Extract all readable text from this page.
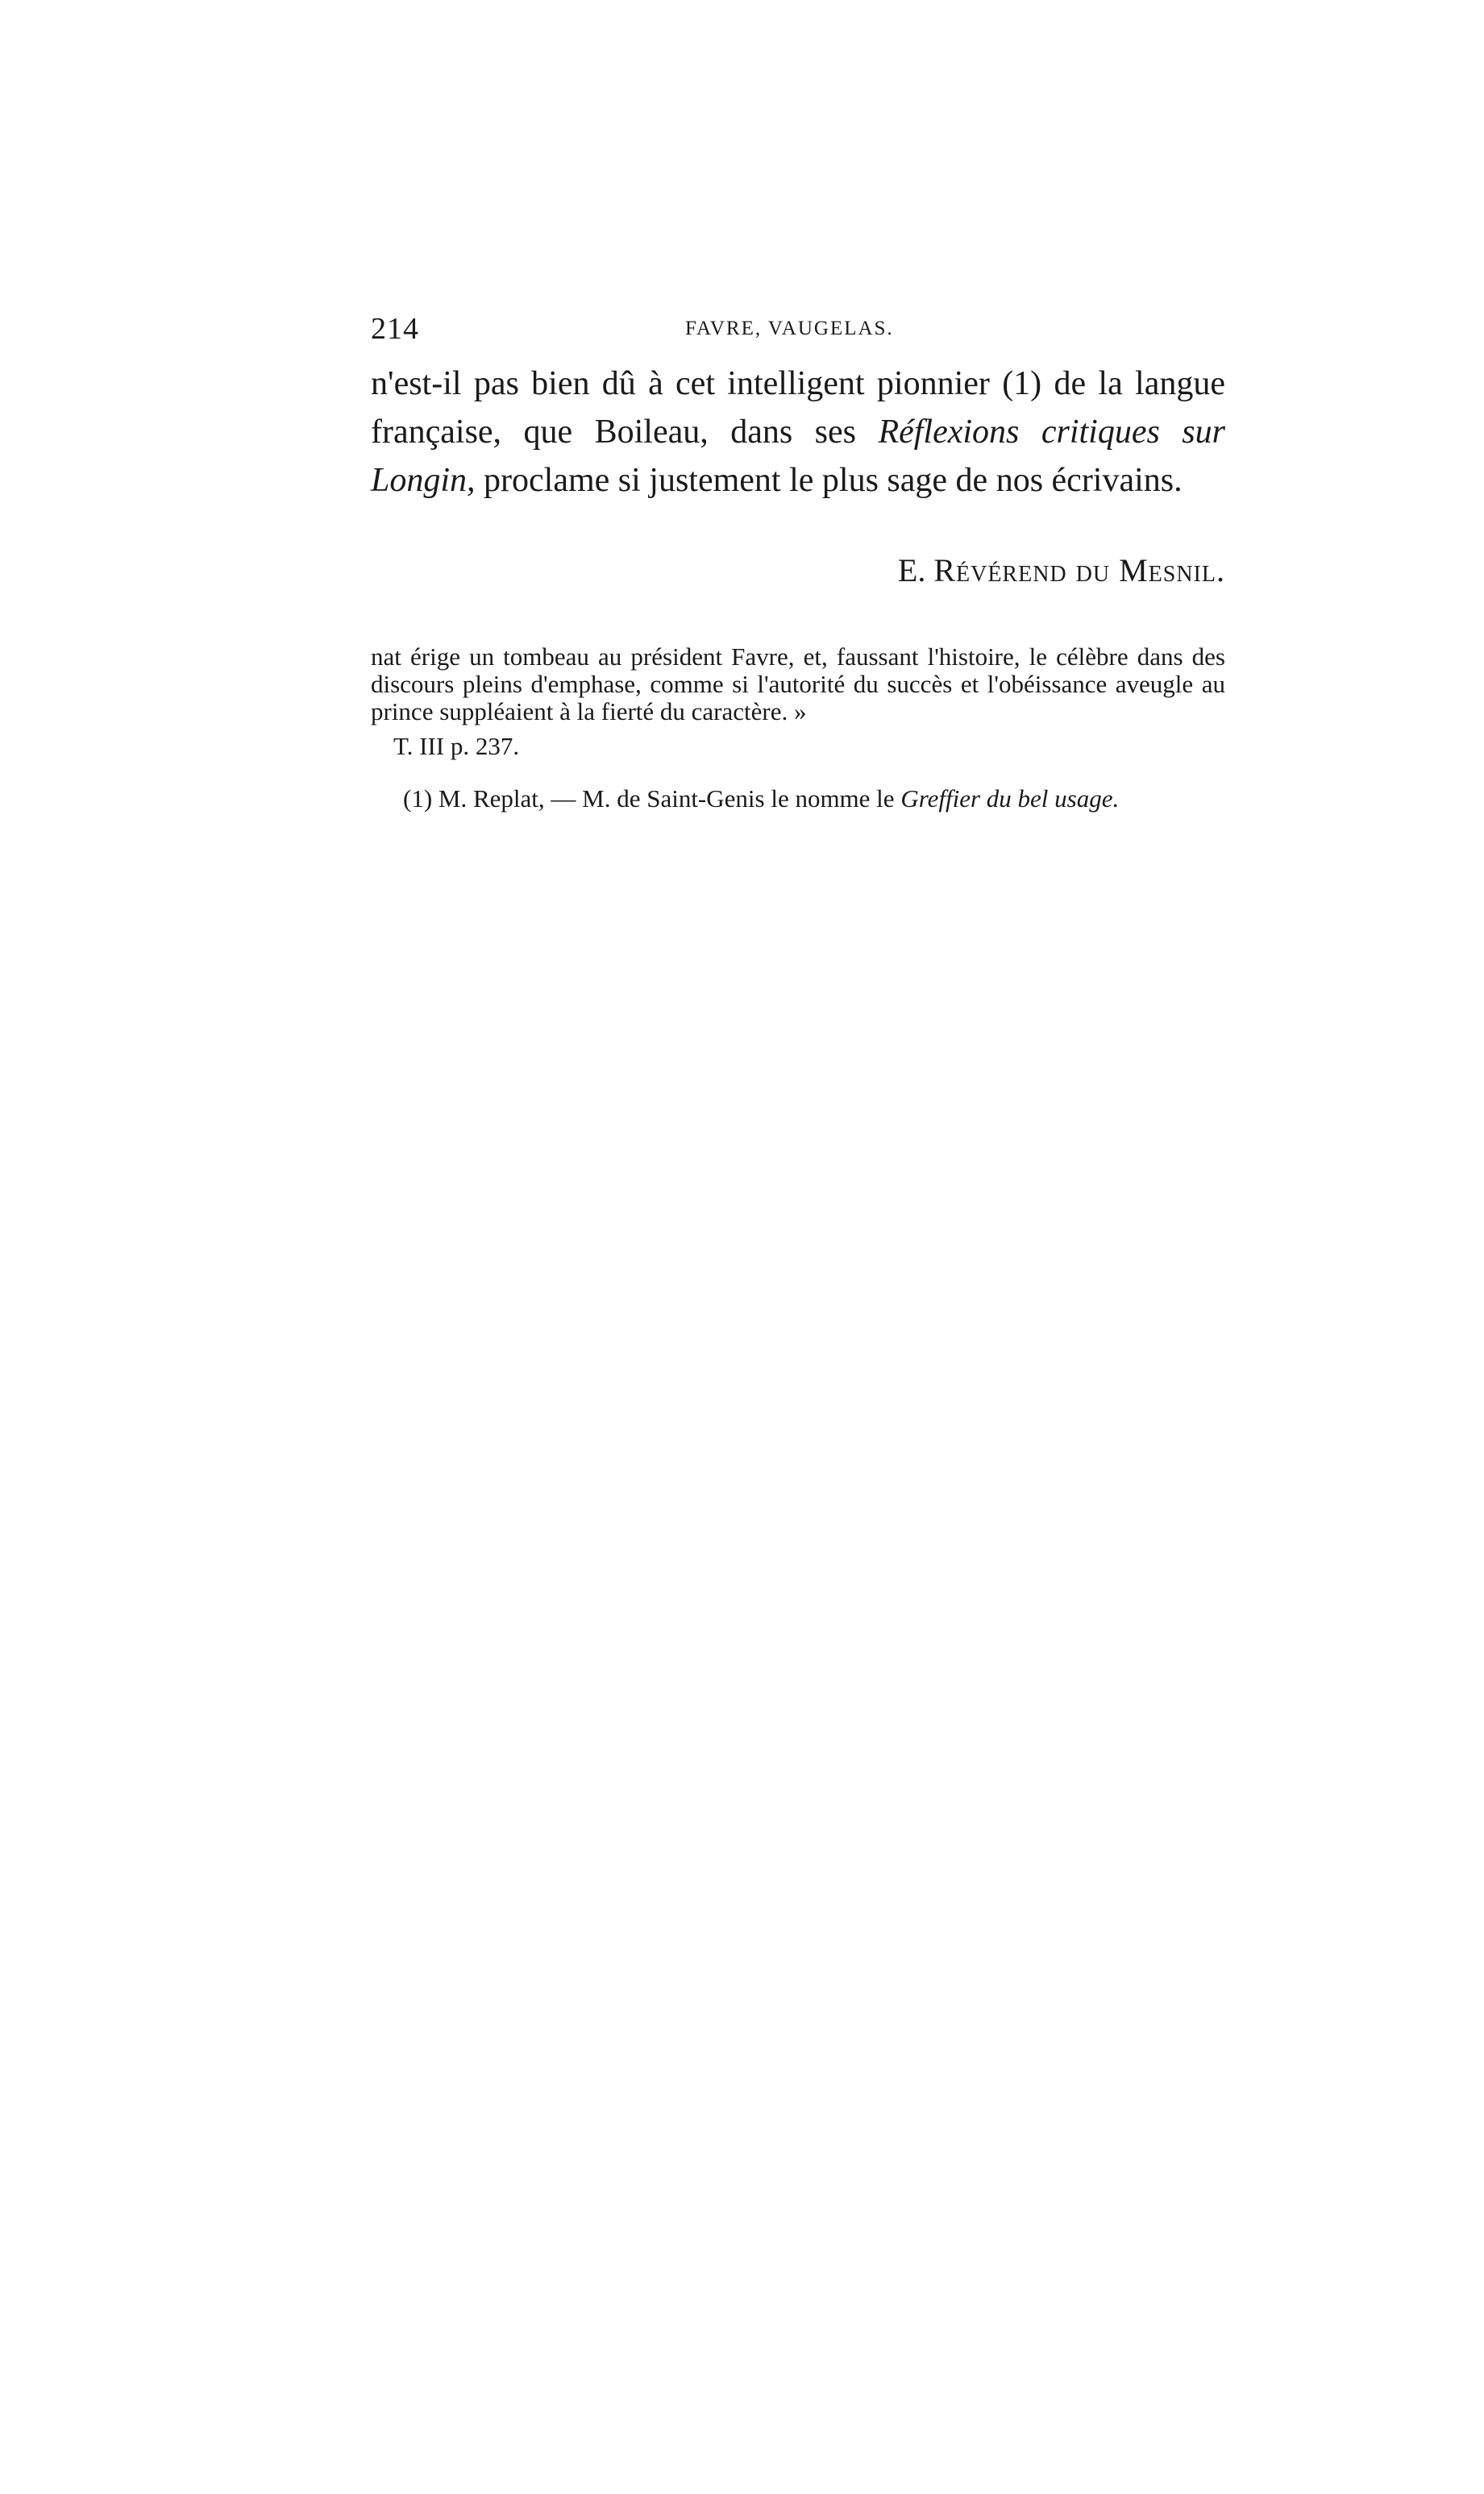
214	FAVRE, VAUGELAS.

n'est-il pas bien dû à cet intelligent pionnier (1) de la langue française, que Boileau, dans ses Réflexions critiques sur Longin, proclame si justement le plus sage de nos écrivains.

E. Révérend du Mesnil.

nat érige un tombeau au président Favre, et, faussant l'histoire, le célèbre dans des discours pleins d'emphase, comme si l'autorité du succès et l'obéissance aveugle au prince suppléaient à la fierté du caractère. »

T. III p. 237.

(1) M. Replat, — M. de Saint-Genis le nomme le Greffier du bel usage.
